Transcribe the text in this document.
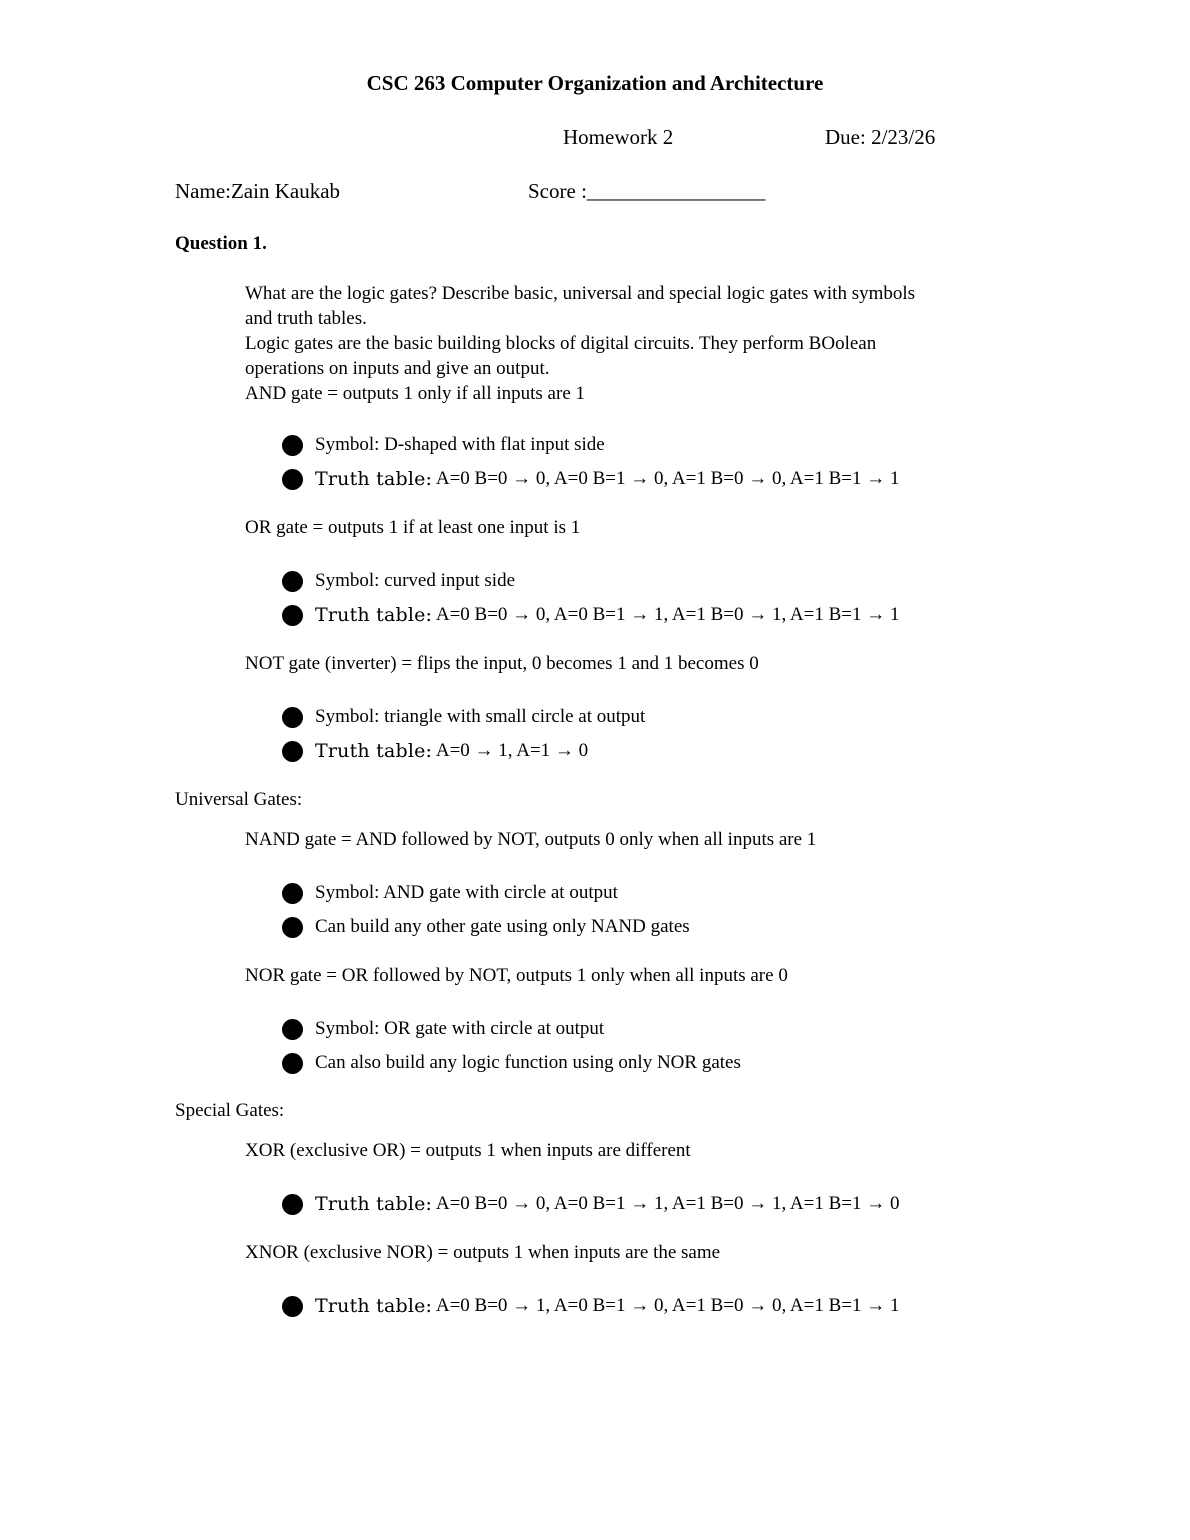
CSC 263 Computer Organization and Architecture
Homework 2	Due: 2/23/26
Name:Zain Kaukab	Score :_________________
Question 1.
What are the logic gates? Describe basic, universal and special logic gates with symbols
and truth tables.
Logic gates are the basic building blocks of digital circuits. They perform BOolean
operations on inputs and give an output.
AND gate = outputs 1 only if all inputs are 1
Symbol: D-shaped with flat input side
Truth table: A=0 B=0 → 0, A=0 B=1 → 0, A=1 B=0 → 0, A=1 B=1 → 1
OR gate = outputs 1 if at least one input is 1
Symbol: curved input side
Truth table: A=0 B=0 → 0, A=0 B=1 → 1, A=1 B=0 → 1, A=1 B=1 → 1
NOT gate (inverter) = flips the input, 0 becomes 1 and 1 becomes 0
Symbol: triangle with small circle at output
Truth table: A=0 → 1, A=1 → 0
Universal Gates:
NAND gate = AND followed by NOT, outputs 0 only when all inputs are 1
Symbol: AND gate with circle at output
Can build any other gate using only NAND gates
NOR gate = OR followed by NOT, outputs 1 only when all inputs are 0
Symbol: OR gate with circle at output
Can also build any logic function using only NOR gates
Special Gates:
XOR (exclusive OR) = outputs 1 when inputs are different
Truth table: A=0 B=0 → 0, A=0 B=1 → 1, A=1 B=0 → 1, A=1 B=1 → 0
XNOR (exclusive NOR) = outputs 1 when inputs are the same
Truth table: A=0 B=0 → 1, A=0 B=1 → 0, A=1 B=0 → 0, A=1 B=1 → 1
